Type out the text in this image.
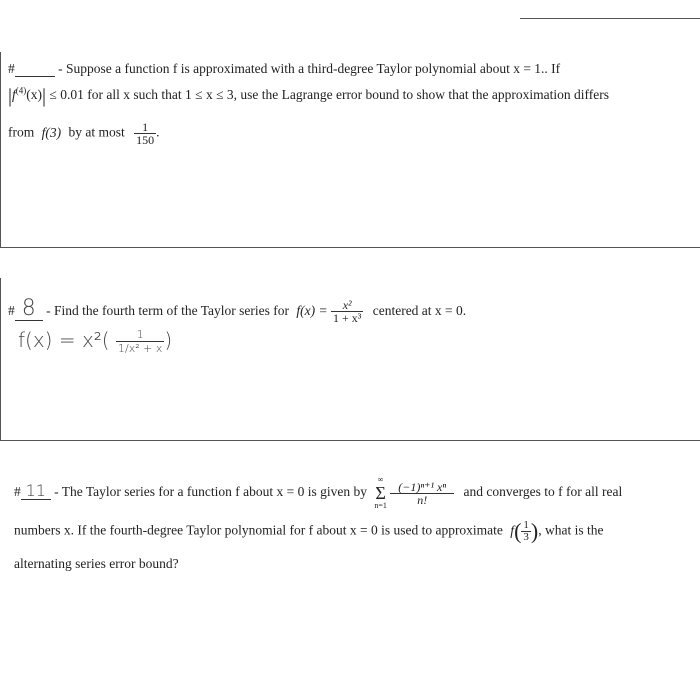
#	- Suppose a function f is approximated with a third-degree Taylor polynomial about x = 1.. If
$|f^{(4)}(x)| \le 0.01$ for all x such that 1 ≤ x ≤ 3, use the Lagrange error bound to show that the approximation differs
from f(3) by at most $\frac{1}{150}$ .
# 8 - Find the fourth term of the Taylor series for $f(x) = \frac{\text{x²}}{\text{1 + x³}}$ centered at x = 0.
$f(x) = x^2( \frac{1}{\text{1/x² + x}}$ )
# 11 - The Taylor series for a function f about x = 0 is given by
∞
Σ
n=1
$\frac{\text{(−1)ⁿ⁺¹ xⁿ}}{n!}$ and converges to f for all real
numbers x. If the fourth-degree Taylor polynomial for f about x = 0 is used to approximate $f( \frac{1}{3}$ ), what is the
alternating series error bound?
